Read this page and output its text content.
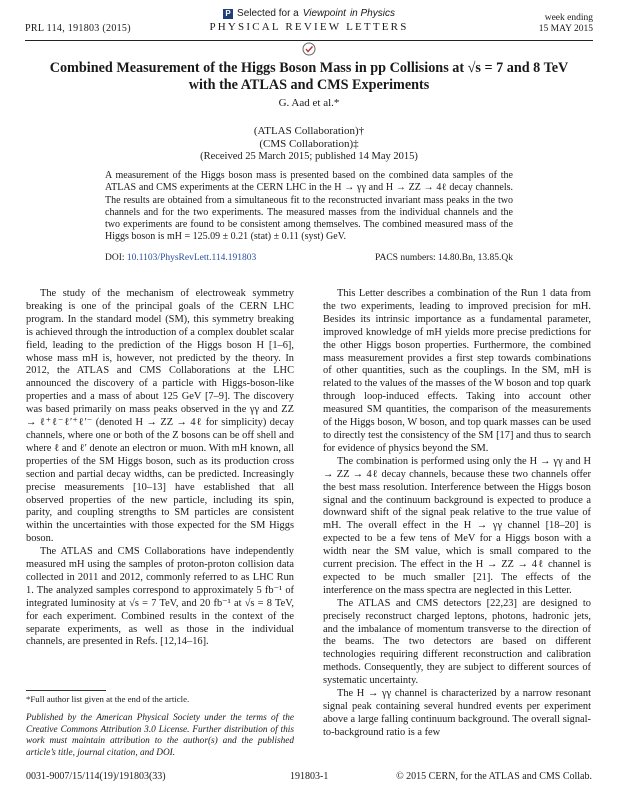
PRL 114, 191803 (2015)
P Selected for a Viewpoint in Physics
PHYSICAL REVIEW LETTERS
week ending
15 MAY 2015
Combined Measurement of the Higgs Boson Mass in pp Collisions at √s = 7 and 8 TeV
with the ATLAS and CMS Experiments
G. Aad et al.*
(ATLAS Collaboration)†
(CMS Collaboration)‡
(Received 25 March 2015; published 14 May 2015)
A measurement of the Higgs boson mass is presented based on the combined data samples of the ATLAS and CMS experiments at the CERN LHC in the H → γγ and H → ZZ → 4ℓ decay channels. The results are obtained from a simultaneous fit to the reconstructed invariant mass peaks in the two channels and for the two experiments. The measured masses from the individual channels and the two experiments are found to be consistent among themselves. The combined measured mass of the Higgs boson is mH = 125.09 ± 0.21 (stat) ± 0.11 (syst) GeV.
DOI: 10.1103/PhysRevLett.114.191803	PACS numbers: 14.80.Bn, 13.85.Qk

The study of the mechanism of electroweak symmetry breaking is one of the principal goals of the CERN LHC program. In the standard model (SM), this symmetry breaking is achieved through the introduction of a complex doublet scalar field, leading to the prediction of the Higgs boson H [1–6], whose mass mH is, however, not predicted by the theory. In 2012, the ATLAS and CMS Collaborations at the LHC announced the discovery of a particle with Higgs-boson-like properties and a mass of about 125 GeV [7–9]. The discovery was based primarily on mass peaks observed in the γγ and ZZ → ℓ⁺ℓ⁻ℓ′⁺ℓ′⁻ (denoted H → ZZ → 4ℓ for simplicity) decay channels, where one or both of the Z bosons can be off shell and where ℓ and ℓ′ denote an electron or muon. With mH known, all properties of the SM Higgs boson, such as its production cross section and partial decay widths, can be predicted. Increasingly precise measurements [10–13] have established that all observed properties of the new particle, including its spin, parity, and coupling strengths to SM particles are consistent within the uncertainties with those expected for the SM Higgs boson.

The ATLAS and CMS Collaborations have independently measured mH using the samples of proton-proton collision data collected in 2011 and 2012, commonly referred to as LHC Run 1. The analyzed samples correspond to approximately 5 fb⁻¹ of integrated luminosity at √s = 7 TeV, and 20 fb⁻¹ at √s = 8 TeV, for each experiment. Combined results in the context of the separate experiments, as well as those in the individual channels, are presented in Refs. [12,14–16].

This Letter describes a combination of the Run 1 data from the two experiments, leading to improved precision for mH. Besides its intrinsic importance as a fundamental parameter, improved knowledge of mH yields more precise predictions for the other Higgs boson properties. Furthermore, the combined mass measurement provides a first step towards combinations of other quantities, such as the couplings. In the SM, mH is related to the values of the masses of the W boson and top quark through loop-induced effects. Taking into account other measured SM quantities, the comparison of the measurements of the Higgs boson, W boson, and top quark masses can be used to directly test the consistency of the SM [17] and thus to search for evidence of physics beyond the SM.

The combination is performed using only the H → γγ and H → ZZ → 4ℓ decay channels, because these two channels offer the best mass resolution. Interference between the Higgs boson signal and the continuum background is expected to produce a downward shift of the signal peak relative to the true value of mH. The overall effect in the H → γγ channel [18–20] is expected to be a few tens of MeV for a Higgs boson with a width near the SM value, which is small compared to the current precision. The effect in the H → ZZ → 4ℓ channel is expected to be much smaller [21]. The effects of the interference on the mass spectra are neglected in this Letter.

The ATLAS and CMS detectors [22,23] are designed to precisely reconstruct charged leptons, photons, hadronic jets, and the imbalance of momentum transverse to the direction of the beams. The two detectors are based on different technologies requiring different reconstruction and calibration methods. Consequently, they are subject to different sources of systematic uncertainty.

The H → γγ channel is characterized by a narrow resonant signal peak containing several hundred events per experiment above a large falling continuum background. The overall signal-to-background ratio is a few

*Full author list given at the end of the article.
Published by the American Physical Society under the terms of the Creative Commons Attribution 3.0 License. Further distribution of this work must maintain attribution to the author(s) and the published article’s title, journal citation, and DOI.
0031-9007/15/114(19)/191803(33)	191803-1	© 2015 CERN, for the ATLAS and CMS Collab.
